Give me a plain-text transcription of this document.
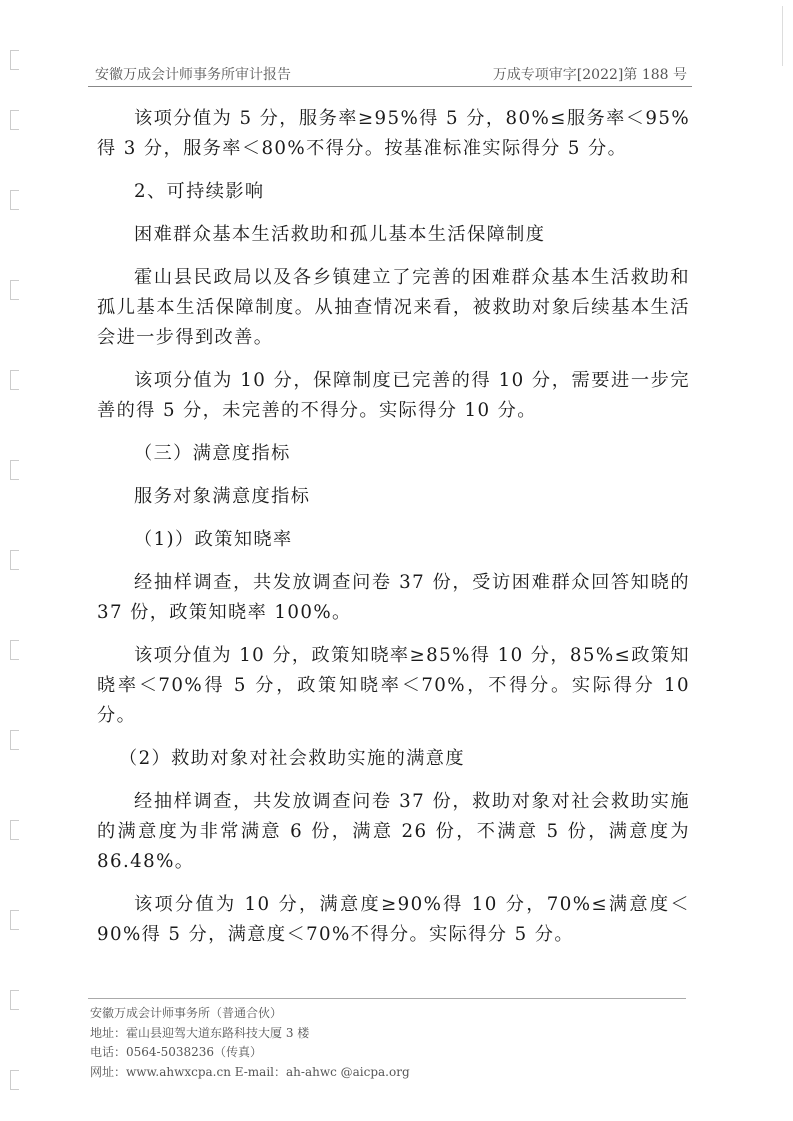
安徽万成会计师事务所审计报告	万成专项审字[2022]第 188 号

该项分值为 5 分，服务率≥95%得 5 分，80%≤服务率＜95%得 3 分，服务率＜80%不得分。按基准标准实际得分 5 分。

2、可持续影响

困难群众基本生活救助和孤儿基本生活保障制度

霍山县民政局以及各乡镇建立了完善的困难群众基本生活救助和孤儿基本生活保障制度。从抽查情况来看，被救助对象后续基本生活会进一步得到改善。

该项分值为 10 分，保障制度已完善的得 10 分，需要进一步完善的得 5 分，未完善的不得分。实际得分 10 分。

（三）满意度指标

服务对象满意度指标

（1)）政策知晓率

经抽样调查，共发放调查问卷 37 份，受访困难群众回答知晓的 37 份，政策知晓率 100%。

该项分值为 10 分，政策知晓率≥85%得 10 分，85%≤政策知晓率＜70%得 5 分，政策知晓率＜70%，不得分。实际得分 10 分。

（2）救助对象对社会救助实施的满意度

经抽样调查，共发放调查问卷 37 份，救助对象对社会救助实施的满意度为非常满意 6 份，满意 26 份，不满意 5 份，满意度为 86.48%。

该项分值为 10 分，满意度≥90%得 10 分，70%≤满意度＜90%得 5 分，满意度＜70%不得分。实际得分 5 分。

安徽万成会计师事务所（普通合伙）
地址：霍山县迎驾大道东路科技大厦 3 楼
电话：0564-5038236（传真）
网址：www.ahwxcpa.cn E-mail：ah-ahwc @aicpa.org
